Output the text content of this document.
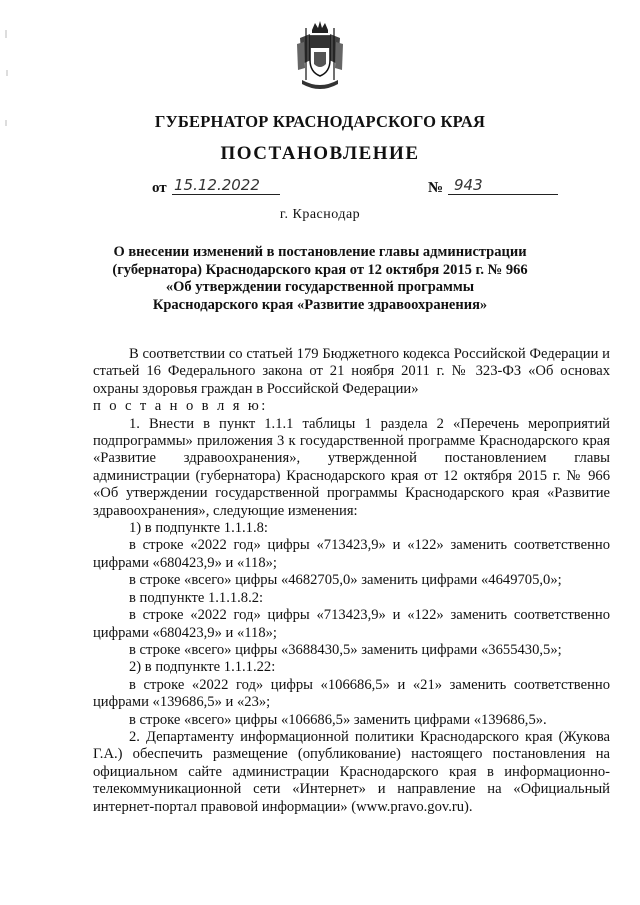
ГУБЕРНАТОР КРАСНОДАРСКОГО КРАЯ
ПОСТАНОВЛЕНИЕ
от 15.12.2022	№ 943
г. Краснодар
О внесении изменений в постановление главы администрации
(губернатора) Краснодарского края от 12 октября 2015 г. № 966
«Об утверждении государственной программы
Краснодарского края «Развитие здравоохранения»

В соответствии со статьей 179 Бюджетного кодекса Российской Федерации и статьей 16 Федерального закона от 21 ноября 2011 г. № 323-ФЗ «Об основах охраны здоровья граждан в Российской Федерации»

п о с т а н о в л я ю:

1. Внести в пункт 1.1.1 таблицы 1 раздела 2 «Перечень мероприятий подпрограммы» приложения 3 к государственной программе Краснодарского края «Развитие здравоохранения», утвержденной постановлением главы администрации (губернатора) Краснодарского края от 12 октября 2015 г. № 966 «Об утверждении государственной программы Краснодарского края «Развитие здравоохранения», следующие изменения:

1) в подпункте 1.1.1.8:

в строке «2022 год» цифры «713423,9» и «122» заменить соответственно цифрами «680423,9» и «118»;

в строке «всего» цифры «4682705,0» заменить цифрами «4649705,0»;

в подпункте 1.1.1.8.2:

в строке «2022 год» цифры «713423,9» и «122» заменить соответственно цифрами «680423,9» и «118»;

в строке «всего» цифры «3688430,5» заменить цифрами «3655430,5»;

2) в подпункте 1.1.1.22:

в строке «2022 год» цифры «106686,5» и «21» заменить соответственно цифрами «139686,5» и «23»;

в строке «всего» цифры «106686,5» заменить цифрами «139686,5».

2. Департаменту информационной политики Краснодарского края (Жукова Г.А.) обеспечить размещение (опубликование) настоящего постановления на официальном сайте администрации Краснодарского края в информационно-телекоммуникационной сети «Интернет» и направление на «Официальный интернет-портал правовой информации» (www.pravo.gov.ru).
